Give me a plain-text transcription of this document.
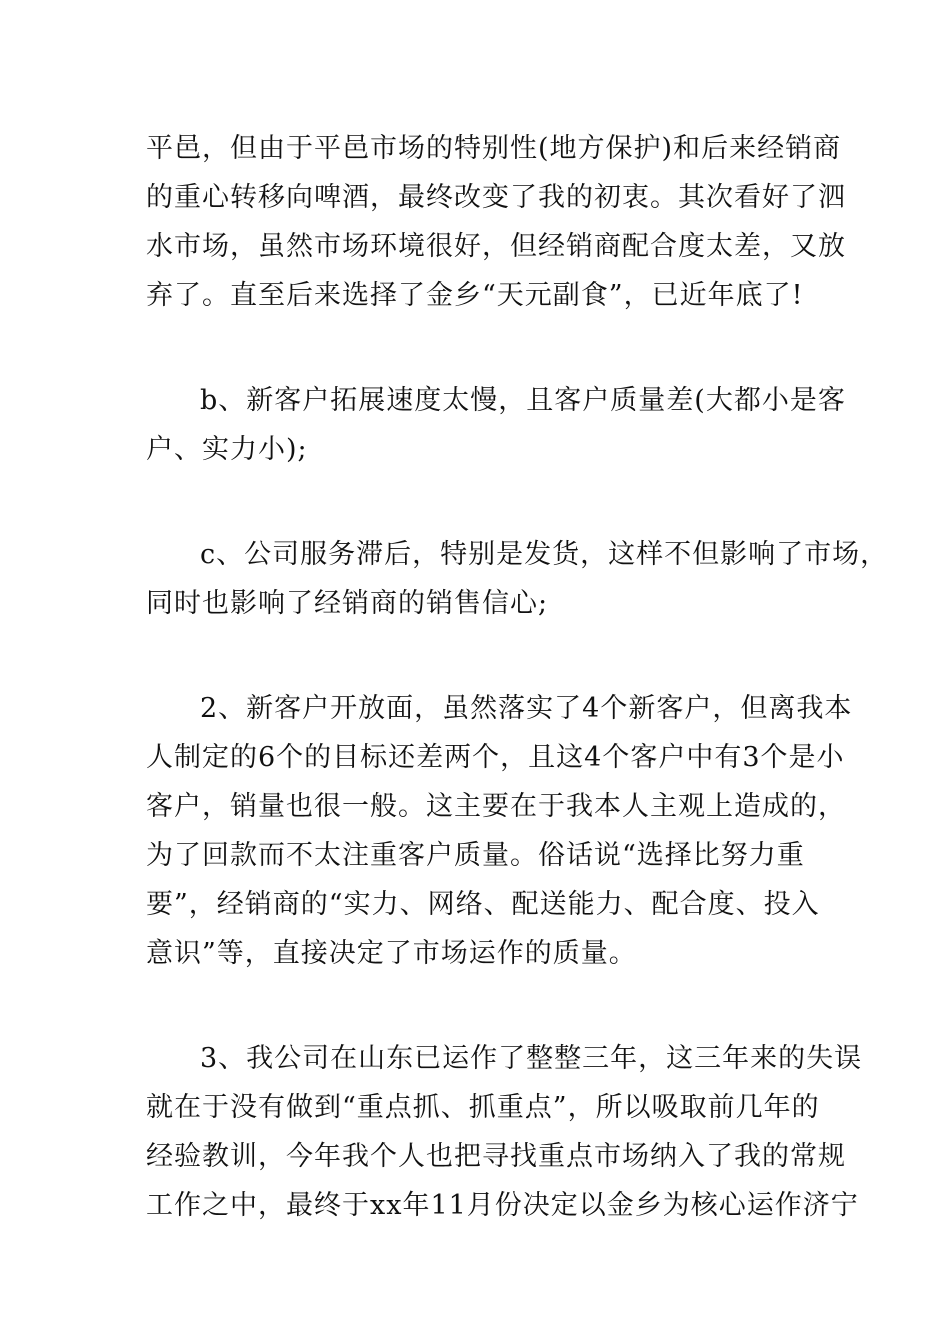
平邑，但由于平邑市场的特别性(地方保护)和后来经销商
的重心转移向啤酒，最终改变了我的初衷。其次看好了泗
水市场，虽然市场环境很好，但经销商配合度太差，又放
弃了。直至后来选择了金乡“天元副食”，已近年底了!

b、新客户拓展速度太慢，且客户质量差(大都小是客
户、实力小);

c、公司服务滞后，特别是发货，这样不但影响了市场，
同时也影响了经销商的销售信心;

2、新客户开放面，虽然落实了4个新客户，但离我本
人制定的6个的目标还差两个，且这4个客户中有3个是小
客户，销量也很一般。这主要在于我本人主观上造成的，
为了回款而不太注重客户质量。俗话说“选择比努力重
要”，经销商的“实力、网络、配送能力、配合度、投入
意识”等，直接决定了市场运作的质量。

3、我公司在山东已运作了整整三年，这三年来的失误
就在于没有做到“重点抓、抓重点”，所以吸取前几年的
经验教训，今年我个人也把寻找重点市场纳入了我的常规
工作之中，最终于xx年11月份决定以金乡为核心运作济宁
